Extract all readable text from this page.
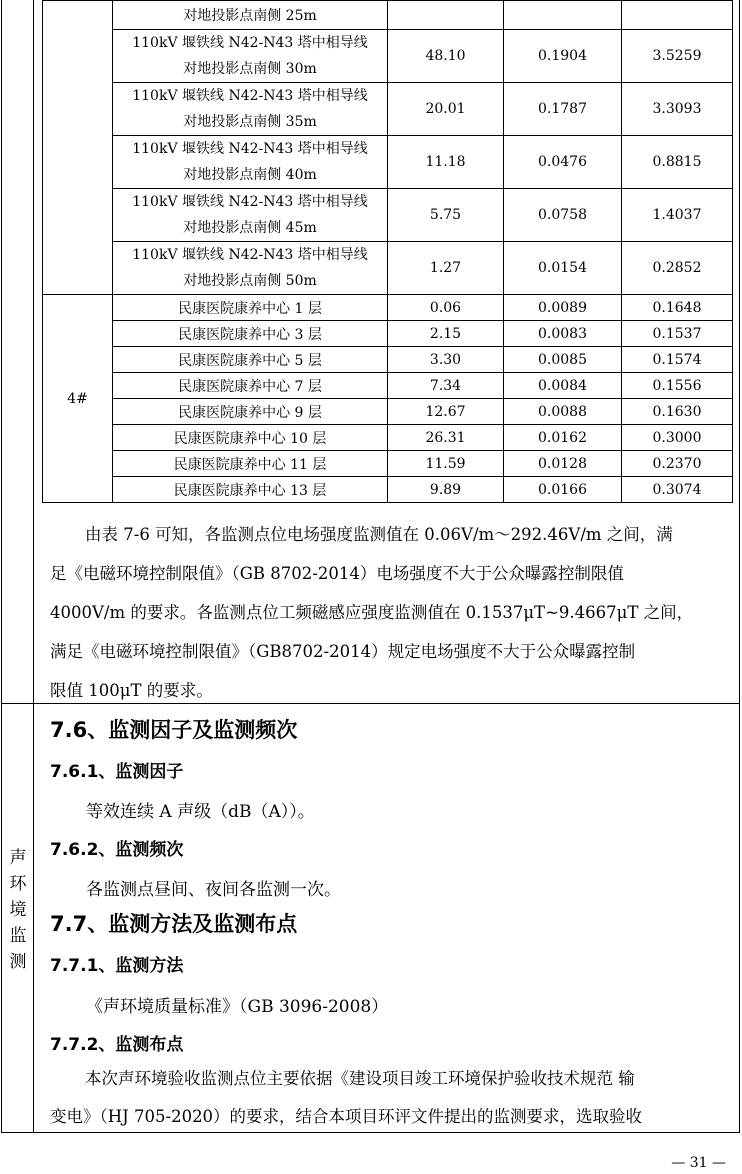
声
环
境
监
测
	对地投影点南侧 25m			

	110kV 堰铁线 N42-N43 塔中相导线
对地投影点南侧 30m	48.10	0.1904	3.5259

	110kV 堰铁线 N42-N43 塔中相导线
对地投影点南侧 35m	20.01	0.1787	3.3093

	110kV 堰铁线 N42-N43 塔中相导线
对地投影点南侧 40m	11.18	0.0476	0.8815

	110kV 堰铁线 N42-N43 塔中相导线
对地投影点南侧 45m	5.75	0.0758	1.4037

	110kV 堰铁线 N42-N43 塔中相导线
对地投影点南侧 50m	1.27	0.0154	0.2852
4#	民康医院康养中心 1 层	0.06	0.0089	0.1648
	民康医院康养中心 3 层	2.15	0.0083	0.1537
	民康医院康养中心 5 层	3.30	0.0085	0.1574
	民康医院康养中心 7 层	7.34	0.0084	0.1556
	民康医院康养中心 9 层	12.67	0.0088	0.1630
	民康医院康养中心 10 层	26.31	0.0162	0.3000
	民康医院康养中心 11 层	11.59	0.0128	0.2370
	民康医院康养中心 13 层	9.89	0.0166	0.3074
由表 7-6 可知，各监测点位电场强度监测值在 0.06V/m～292.46V/m 之间，满
足《电磁环境控制限值》（GB 8702-2014）电场强度不大于公众曝露控制限值
4000V/m 的要求。各监测点位工频磁感应强度监测值在 0.1537μT~9.4667μT 之间，
满足《电磁环境控制限值》（GB8702-2014）规定电场强度不大于公众曝露控制
限值 100μT 的要求。
7.6、监测因子及监测频次
7.6.1、监测因子
等效连续 A 声级（dB（A））。
7.6.2、监测频次
各监测点昼间、夜间各监测一次。
7.7、监测方法及监测布点
7.7.1、监测方法
《声环境质量标准》（GB 3096-2008）
7.7.2、监测布点
本次声环境验收监测点位主要依据《建设项目竣工环境保护验收技术规范 输
变电》（HJ 705-2020）的要求，结合本项目环评文件提出的监测要求，选取验收
— 31 —
